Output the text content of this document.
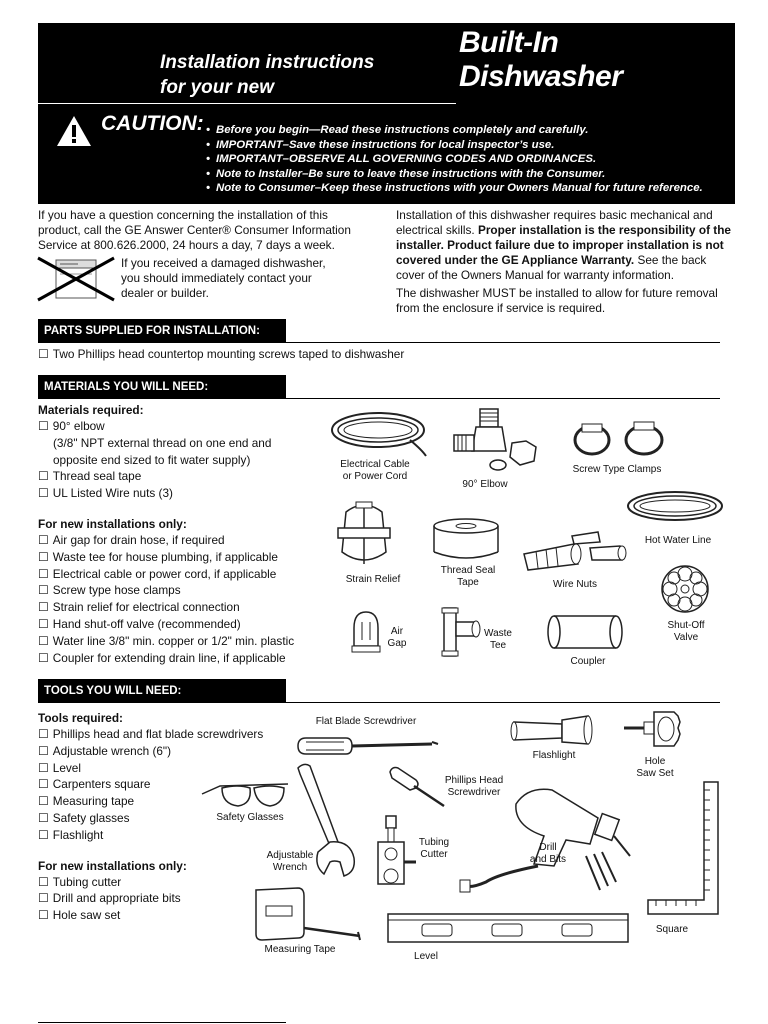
Installation instructions
for your new
Built-In
Dishwasher
CAUTION:
•	Before you begin—Read these instructions completely and carefully.
• IMPORTANT–Save these instructions for local inspector’s use.
• IMPORTANT–OBSERVE ALL GOVERNING CODES AND ORDINANCES.
• Note to Installer–Be sure to leave these instructions with the Consumer.
• Note to Consumer–Keep these instructions with your Owners Manual for future reference.
If you have a question concerning the installation of this product, call the GE Answer Center® Consumer Information Service at 800.626.2000, 24 hours a day, 7 days a week.
If you received a damaged dishwasher, you should immediately contact your dealer or builder.

Installation of this dishwasher requires basic mechanical and electrical skills. Proper installation is the responsibility of the installer. Product failure due to improper installation is not covered under the GE Appliance Warranty. See the back cover of the Owners Manual for warranty information.

The dishwasher MUST be installed to allow for future removal from the enclosure if service is required.

PARTS SUPPLIED FOR INSTALLATION:
☐ Two Phillips head countertop mounting screws taped to dishwasher
MATERIALS YOU WILL NEED:
Materials required:
☐ 90° elbow
(3/8" NPT external thread on one end and
opposite end sized to fit water supply)
☐ Thread seal tape
☐ UL Listed Wire nuts (3)
For new installations only:
☐ Air gap for drain hose, if required
☐ Waste tee for house plumbing, if applicable
☐ Electrical cable or power cord, if applicable
☐ Screw type hose clamps
☐ Strain relief for electrical connection
☐ Hand shut-off valve (recommended)
☐ Water line 3/8" min. copper or 1/2" min. plastic
☐ Coupler for extending drain line, if applicable
Electrical Cable
or Power Cord
90° Elbow
Screw Type Clamps
Hot Water Line
Strain Relief
Thread Seal
Tape	Wire Nuts
Shut-Off
Valve
Air
Gap
Waste
Tee
Coupler
TOOLS YOU WILL NEED:
Tools required:
☐ Phillips head and flat blade screwdrivers
☐ Adjustable wrench (6")
☐ Level
☐ Carpenters square
☐ Measuring tape
☐ Safety glasses
☐ Flashlight
For new installations only:
☐ Tubing cutter
☐ Drill and appropriate bits
☐ Hole saw set
Flat Blade Screwdriver
Flashlight
Hole
Saw Set
Safety Glasses
Adjustable
Wrench
Phillips Head
Screwdriver
Tubing
Cutter
Drill
and Bits
Square
Measuring Tape
Level
